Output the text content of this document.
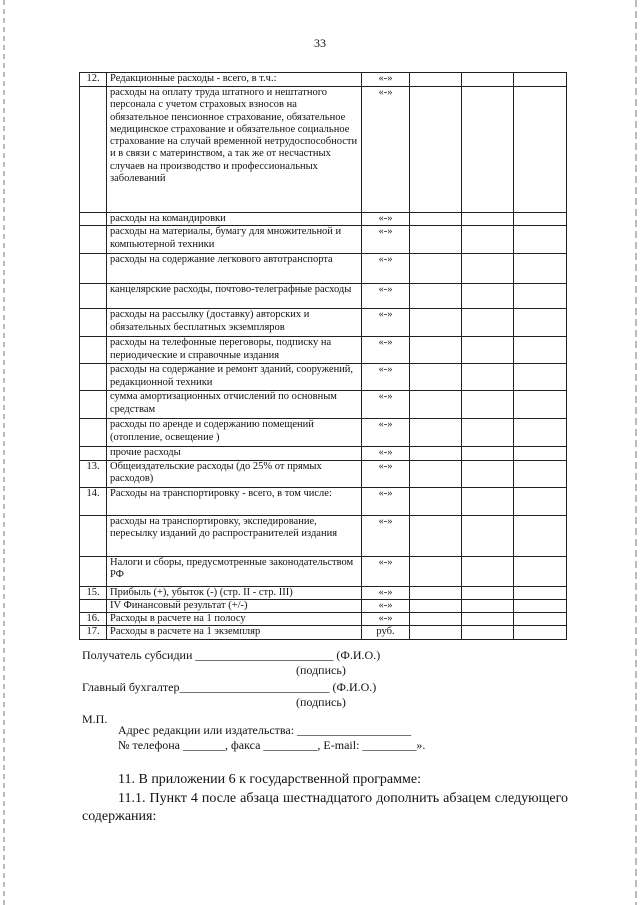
33
12.	Редакционные расходы - всего, в т.ч.:	«-»			
	расходы на оплату труда штатного и нештатного персонала с учетом страховых взносов на обязательное пенсионное страхование, обязательное медицинское страхование и обязательное социальное страхование на случай временной нетрудоспособности и в связи с материнством, а так же от несчастных случаев на производство и профессиональных заболеваний	«-»			
	расходы на командировки	«-»			
	расходы на материалы, бумагу для множительной и компьютерной техники	«-»			
	расходы на содержание легкового автотранспорта	«-»			
	канцелярские расходы, почтово-телеграфные расходы	«-»			
	расходы на рассылку (доставку) авторских и обязательных бесплатных экземпляров	«-»			
	расходы на телефонные переговоры, подписку на периодические и справочные издания	«-»			
	расходы на содержание и ремонт зданий, сооружений, редакционной техники	«-»			
	сумма амортизационных отчислений по основным средствам	«-»			
	расходы по аренде и содержанию помещений (отопление, освещение )	«-»			
	прочие расходы	«-»			
13.	Общеиздательские расходы (до 25% от прямых расходов)	«-»			
14.	Расходы на транспортировку - всего, в том числе:	«-»			
	расходы на транспортировку, экспедирование, пересылку изданий до распространителей издания	«-»			
	Налоги и сборы, предусмотренные законодательством РФ	«-»			
15.	Прибыль (+), убыток (-) (стр. II - стр. III)	«-»			
	IV Финансовый результат (+/-)	«-»			
16.	Расходы в расчете на 1 полосу	«-»			
17.	Расходы в расчете на 1 экземпляр	руб.			
Получатель субсидии _______________________ (Ф.И.О.)
(подпись)
Главный бухгалтер_________________________ (Ф.И.О.)
(подпись)
М.П.
Адрес редакции или издательства: ___________________
№ телефона _______, факса _________, E-mail: _________».
11. В приложении 6 к государственной программе:
11.1. Пункт 4 после абзаца шестнадцатого дополнить абзацем следующего содержания:
